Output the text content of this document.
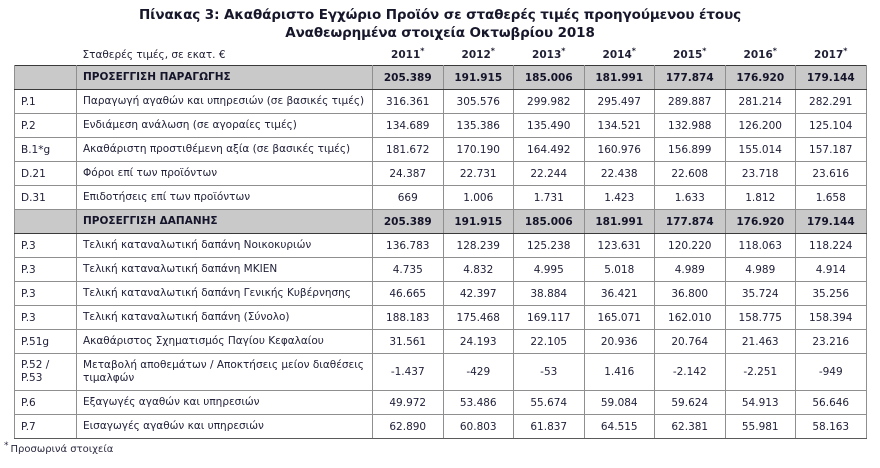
Πίνακας 3: Ακαθάριστο Εγχώριο Προϊόν σε σταθερές τιμές προηγούμενου έτους
Αναθεωρημένα στοιχεία Οκτωβρίου 2018
	Σταθερές τιμές, σε εκατ. €	2011*	2012*	2013*	2014*	2015*	2016*	2017*
	ΠΡΟΣΕΓΓΙΣΗ ΠΑΡΑΓΩΓΗΣ	205.389	191.915	185.006	181.991	177.874	176.920	179.144
P.1	Παραγωγή αγαθών και υπηρεσιών (σε βασικές τιμές)	316.361	305.576	299.982	295.497	289.887	281.214	282.291
P.2	Ενδιάμεση ανάλωση (σε αγοραίες τιμές)	134.689	135.386	135.490	134.521	132.988	126.200	125.104
B.1*g	Ακαθάριστη προστιθέμενη αξία (σε βασικές τιμές)	181.672	170.190	164.492	160.976	156.899	155.014	157.187
D.21	Φόροι επί των προϊόντων	24.387	22.731	22.244	22.438	22.608	23.718	23.616
D.31	Επιδοτήσεις επί των προϊόντων	669	1.006	1.731	1.423	1.633	1.812	1.658
	ΠΡΟΣΕΓΓΙΣΗ ΔΑΠΑΝΗΣ	205.389	191.915	185.006	181.991	177.874	176.920	179.144
P.3	Τελική καταναλωτική δαπάνη Νοικοκυριών	136.783	128.239	125.238	123.631	120.220	118.063	118.224
P.3	Τελική καταναλωτική δαπάνη ΜΚΙΕΝ	4.735	4.832	4.995	5.018	4.989	4.989	4.914
P.3	Τελική καταναλωτική δαπάνη Γενικής Κυβέρνησης	46.665	42.397	38.884	36.421	36.800	35.724	35.256
P.3	Τελική καταναλωτική δαπάνη (Σύνολο)	188.183	175.468	169.117	165.071	162.010	158.775	158.394
P.51g	Ακαθάριστος Σχηματισμός Παγίου Κεφαλαίου	31.561	24.193	22.105	20.936	20.764	21.463	23.216
P.52 /
P.53	Μεταβολή αποθεμάτων / Αποκτήσεις μείον διαθέσεις τιμαλφών	-1.437	-429	-53	1.416	-2.142	-2.251	-949
P.6	Εξαγωγές αγαθών και υπηρεσιών	49.972	53.486	55.674	59.084	59.624	54.913	56.646
P.7	Εισαγωγές αγαθών και υπηρεσιών	62.890	60.803	61.837	64.515	62.381	55.981	58.163
* Προσωρινά στοιχεία
